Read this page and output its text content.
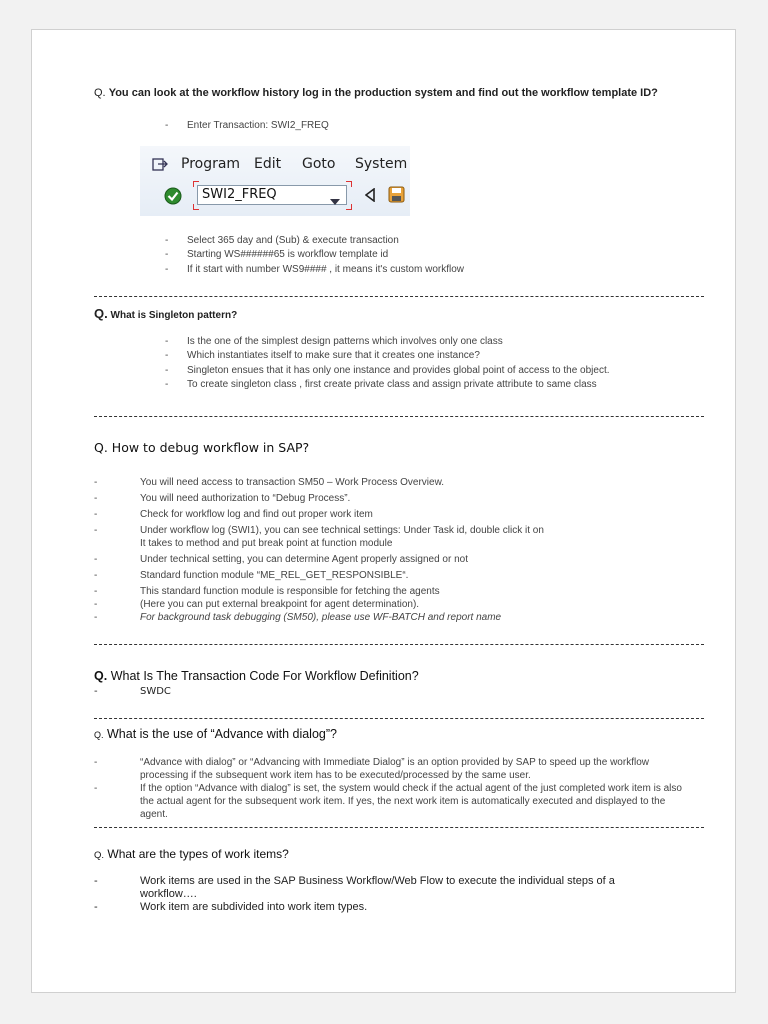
Q. You can look at the workflow history log in the production system and find out the workflow template ID?
- Enter Transaction: SWI2_FREQ
Program Edit Goto System
SWI2_FREQ
- Select 365 day and (Sub) & execute transaction
- Starting WS######65 is workflow template id
- If it start with number WS9#### , it means it's custom workflow
Q. What is Singleton pattern?
- Is the one of the simplest design patterns which involves only one class
- Which instantiates itself to make sure that it creates one instance?
- Singleton ensues that it has only one instance and provides global point of access to the object.
- To create singleton class , first create private class and assign private attribute to same class
Q. How to debug workflow in SAP?
-	You will need access to transaction SM50 – Work Process Overview.
-	You will need authorization to “Debug Process”.
-	Check for workflow log and find out proper work item
-	Under workflow log (SWI1), you can see technical settings: Under Task id, double click it on
It takes to method and put break point at function module
-	Under technical setting, you can determine Agent properly assigned or not
-	Standard function module “ME_REL_GET_RESPONSIBLE“.
-	This standard function module is responsible for fetching the agents
-	(Here you can put external breakpoint for agent determination).
-	For background task debugging (SM50), please use WF-BATCH and report name
Q. What Is The Transaction Code For Workflow Definition?
-	SWDC
Q. What is the use of “Advance with dialog”?
-	“Advance with dialog” or “Advancing with Immediate Dialog” is an option provided by SAP to speed up the workflow processing if the subsequent work item has to be executed/processed by the same user.
-	If the option “Advance with dialog” is set, the system would check if the actual agent of the just completed work item is also the actual agent for the subsequent work item. If yes, the next work item is automatically executed and displayed to the agent.
Q. What are the types of work items?
-	Work items are used in the SAP Business Workflow/Web Flow to execute the individual steps of a workflow….
-	Work item are subdivided into work item types.
